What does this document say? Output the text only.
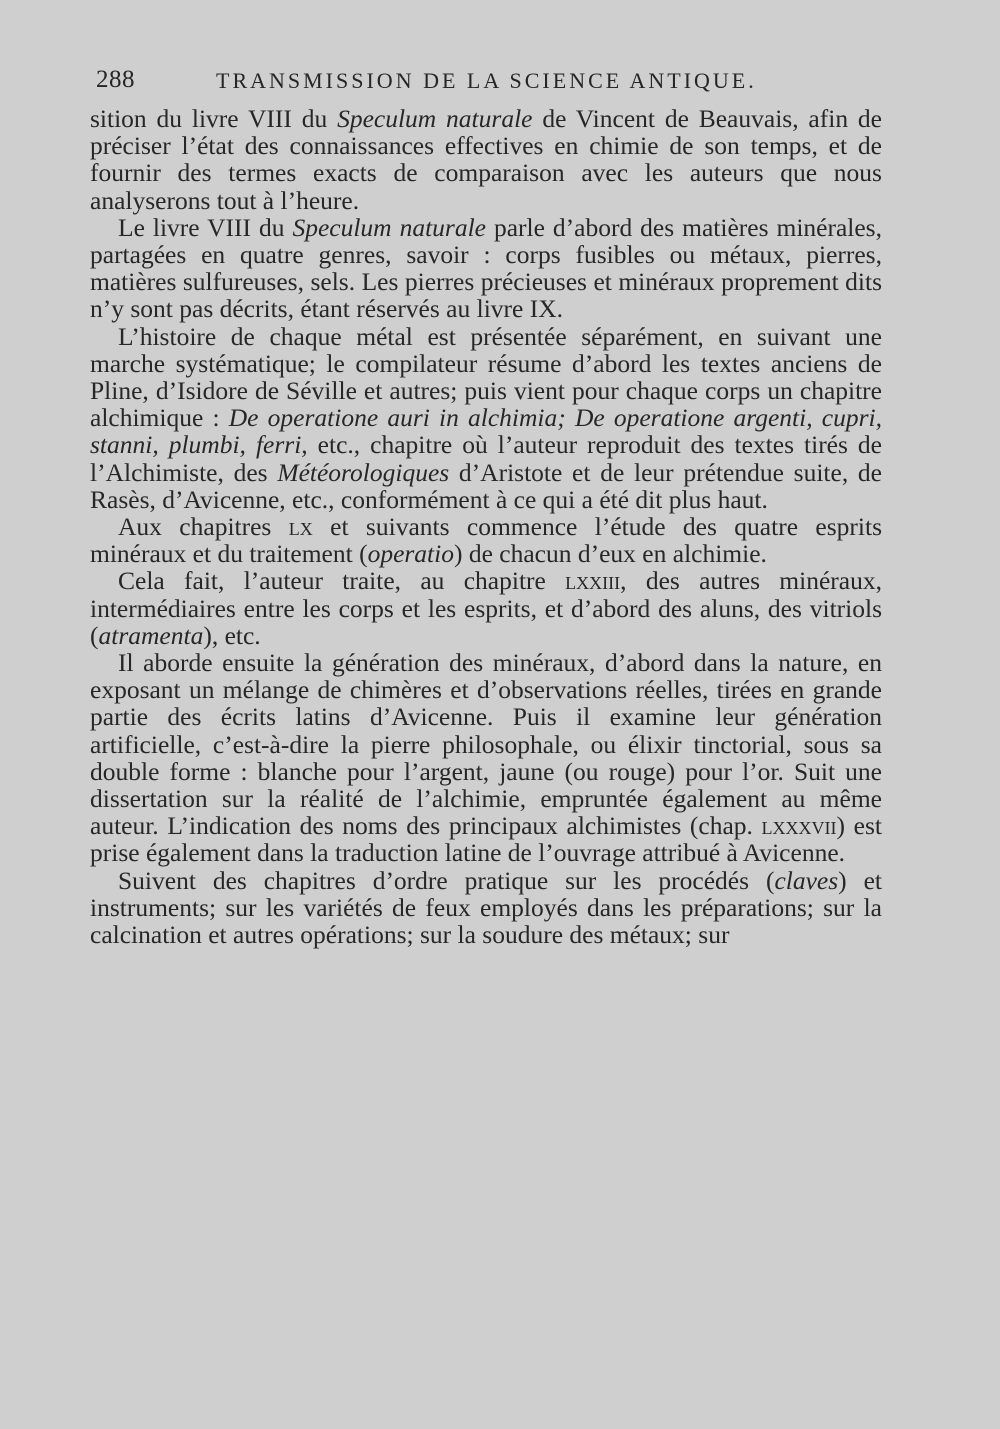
288	TRANSMISSION DE LA SCIENCE ANTIQUE.

sition du livre VIII du Speculum naturale de Vincent de Beauvais, afin de préciser l’état des connaissances effectives en chimie de son temps, et de fournir des termes exacts de comparaison avec les auteurs que nous analyserons tout à l’heure.

Le livre VIII du Speculum naturale parle d’abord des matières minérales, partagées en quatre genres, savoir : corps fusibles ou métaux, pierres, matières sulfureuses, sels. Les pierres précieuses et minéraux proprement dits n’y sont pas décrits, étant réservés au livre IX.

L’histoire de chaque métal est présentée séparément, en suivant une marche systématique; le compilateur résume d’abord les textes anciens de Pline, d’Isidore de Séville et autres; puis vient pour chaque corps un chapitre alchimique : De operatione auri in alchimia; De operatione argenti, cupri, stanni, plumbi, ferri, etc., chapitre où l’auteur reproduit des textes tirés de l’Alchimiste, des Météorologiques d’Aristote et de leur prétendue suite, de Rasès, d’Avicenne, etc., conformément à ce qui a été dit plus haut.

Aux chapitres lx et suivants commence l’étude des quatre esprits minéraux et du traitement (operatio) de chacun d’eux en alchimie.

Cela fait, l’auteur traite, au chapitre lxxiii, des autres minéraux, intermédiaires entre les corps et les esprits, et d’abord des aluns, des vitriols (atramenta), etc.

Il aborde ensuite la génération des minéraux, d’abord dans la nature, en exposant un mélange de chimères et d’observations réelles, tirées en grande partie des écrits latins d’Avicenne. Puis il examine leur génération artificielle, c’est-à-dire la pierre philosophale, ou élixir tinctorial, sous sa double forme : blanche pour l’argent, jaune (ou rouge) pour l’or. Suit une dissertation sur la réalité de l’alchimie, empruntée également au même auteur. L’indication des noms des principaux alchimistes (chap. lxxxvii) est prise également dans la traduction latine de l’ouvrage attribué à Avicenne.

Suivent des chapitres d’ordre pratique sur les procédés (claves) et instruments; sur les variétés de feux employés dans les préparations; sur la calcination et autres opérations; sur la soudure des métaux; sur
